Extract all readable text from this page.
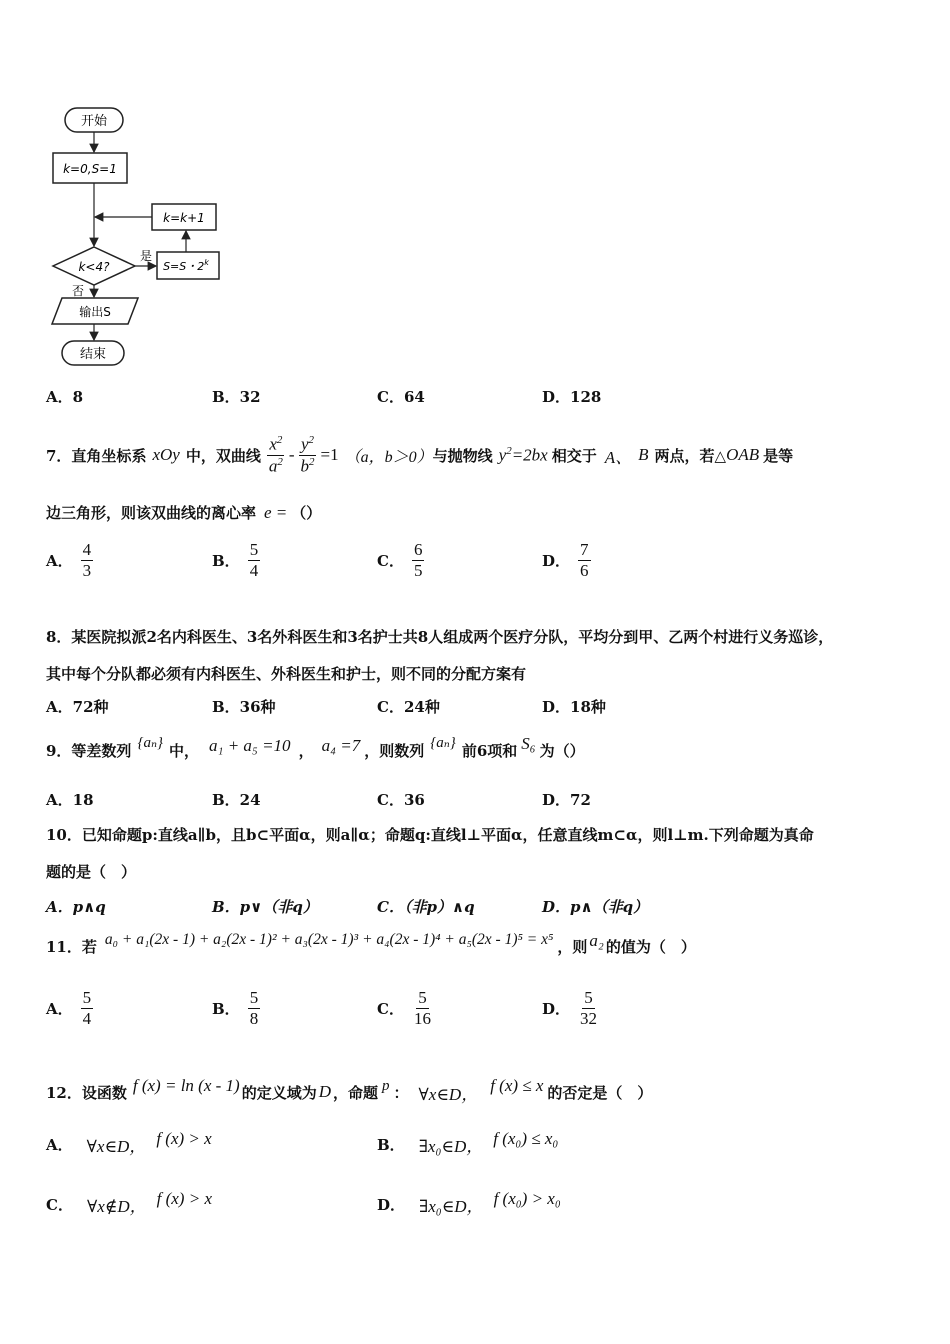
开始
k=0,S=1
k=k+1
k<4?
是
S=S・2$^k$
否
输出S
结束
A．8	B．32	C．64	D．128
7．直角坐标系 xOy 中，双曲线 $\frac{x^2}{a^2} - \frac{y^2}{b^2} =1$ （a，b＞0） 与抛物线 $y^2=2bx$ 相交于 A、 B 两点，若△ OAB 是等
边三角形，则该双曲线的离心率 e = （）
A． $\frac{4}{3}$	B． $\frac{5}{4}$	C． $\frac{6}{5}$	D． $\frac{7}{6}$
8．某医院拟派2名内科医生、3名外科医生和3名护士共8人组成两个医疗分队，平均分到甲、乙两个村进行义务巡诊，
其中每个分队都必须有内科医生、外科医生和护士，则不同的分配方案有
A．72种	B．36种	C．24种	D．18种
9．等差数列 {aₙ} 中， a₁ + a₅ =10 ， a₄ =7 ，则数列 {aₙ} 前6项和 S₆ 为（）
A．18	B．24	C．36	D．72
10．已知命题p:直线a∥b，且b⊂平面α，则a∥α；命题q:直线l⊥平面α，任意直线m⊂α，则l⊥m.下列命题为真命
题的是（　）
A．p∧q	B．p∨（非q）	C．（非p）∧q	D．p∧（非q）
11．若 a₀ + a₁(2x - 1) + a₂(2x - 1)² + a₃(2x - 1)³ + a₄(2x - 1)⁴ + a₅(2x - 1)⁵ = x⁵ ，则 a₂ 的值为（　）
A． $\frac{5}{4}$	B． $\frac{5}{8}$	C． $\frac{5}{16}$	D． $\frac{5}{32}$
12．设函数 f (x) = ln (x - 1) 的定义域为 D ，命题 p ： ∀x∈D， f (x) ≤ x 的否定是（　）
A． ∀x∈D， f (x) > x	B． ∃x₀∈D， f (x₀) ≤ x₀
C． ∀x∉D， f (x) > x	D． ∃x₀∈D， f (x₀) > x₀
